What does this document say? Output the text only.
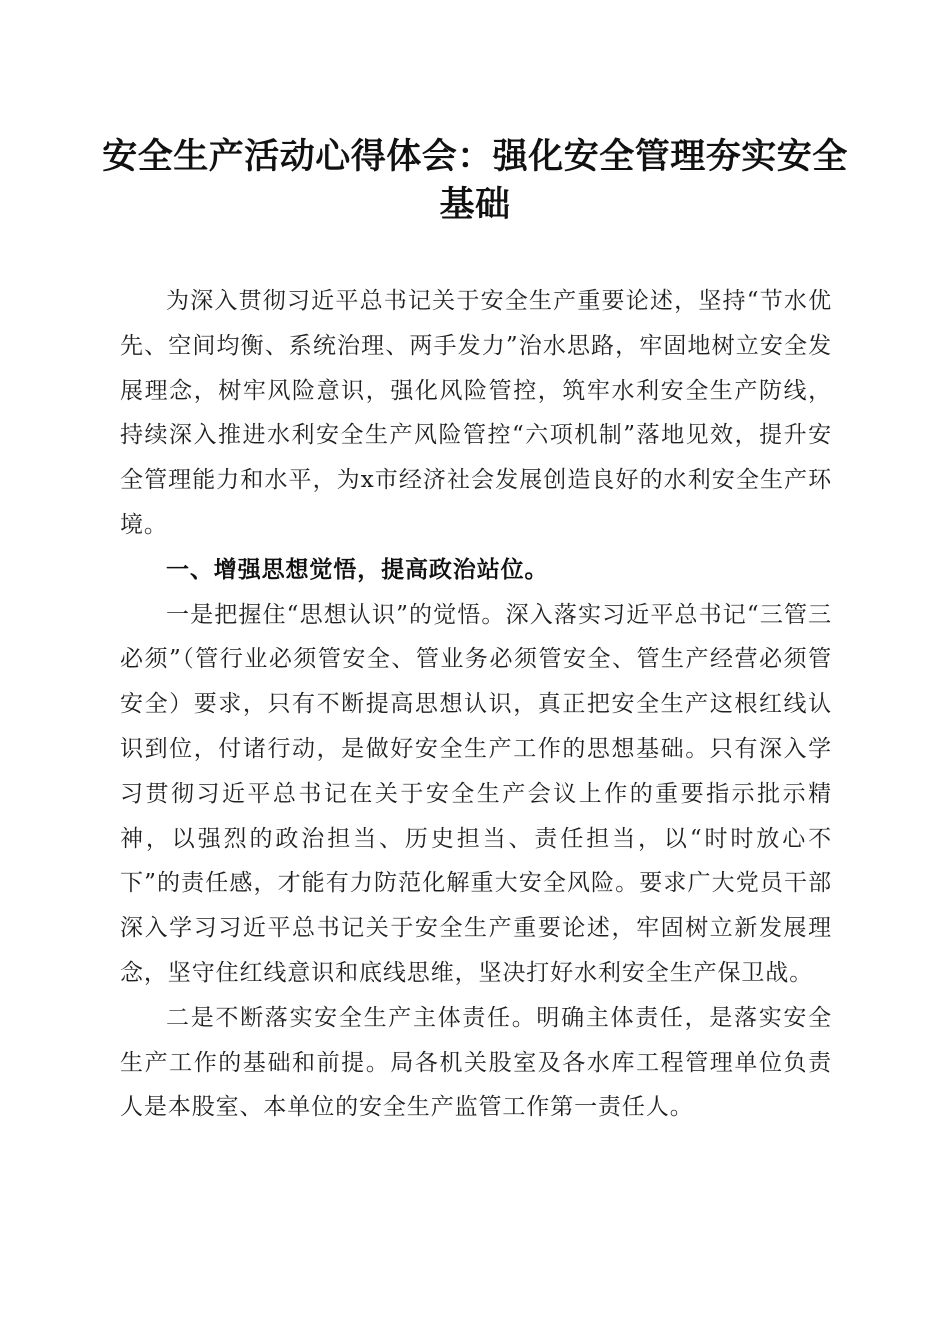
安全生产活动心得体会：强化安全管理夯实安全基础

为深入贯彻习近平总书记关于安全生产重要论述，坚持“节水优先、空间均衡、系统治理、两手发力”治水思路，牢固地树立安全发展理念，树牢风险意识，强化风险管控，筑牢水利安全生产防线，持续深入推进水利安全生产风险管控“六项机制”落地见效，提升安全管理能力和水平，为x市经济社会发展创造良好的水利安全生产环境。

一、增强思想觉悟，提高政治站位。

一是把握住“思想认识”的觉悟。深入落实习近平总书记“三管三必须”（管行业必须管安全、管业务必须管安全、管生产经营必须管安全）要求，只有不断提高思想认识，真正把安全生产这根红线认识到位，付诸行动，是做好安全生产工作的思想基础。只有深入学习贯彻习近平总书记在关于安全生产会议上作的重要指示批示精神，以强烈的政治担当、历史担当、责任担当，以“时时放心不下”的责任感，才能有力防范化解重大安全风险。要求广大党员干部深入学习习近平总书记关于安全生产重要论述，牢固树立新发展理念，坚守住红线意识和底线思维，坚决打好水利安全生产保卫战。

二是不断落实安全生产主体责任。明确主体责任，是落实安全生产工作的基础和前提。局各机关股室及各水库工程管理单位负责人是本股室、本单位的安全生产监管工作第一责任人。
